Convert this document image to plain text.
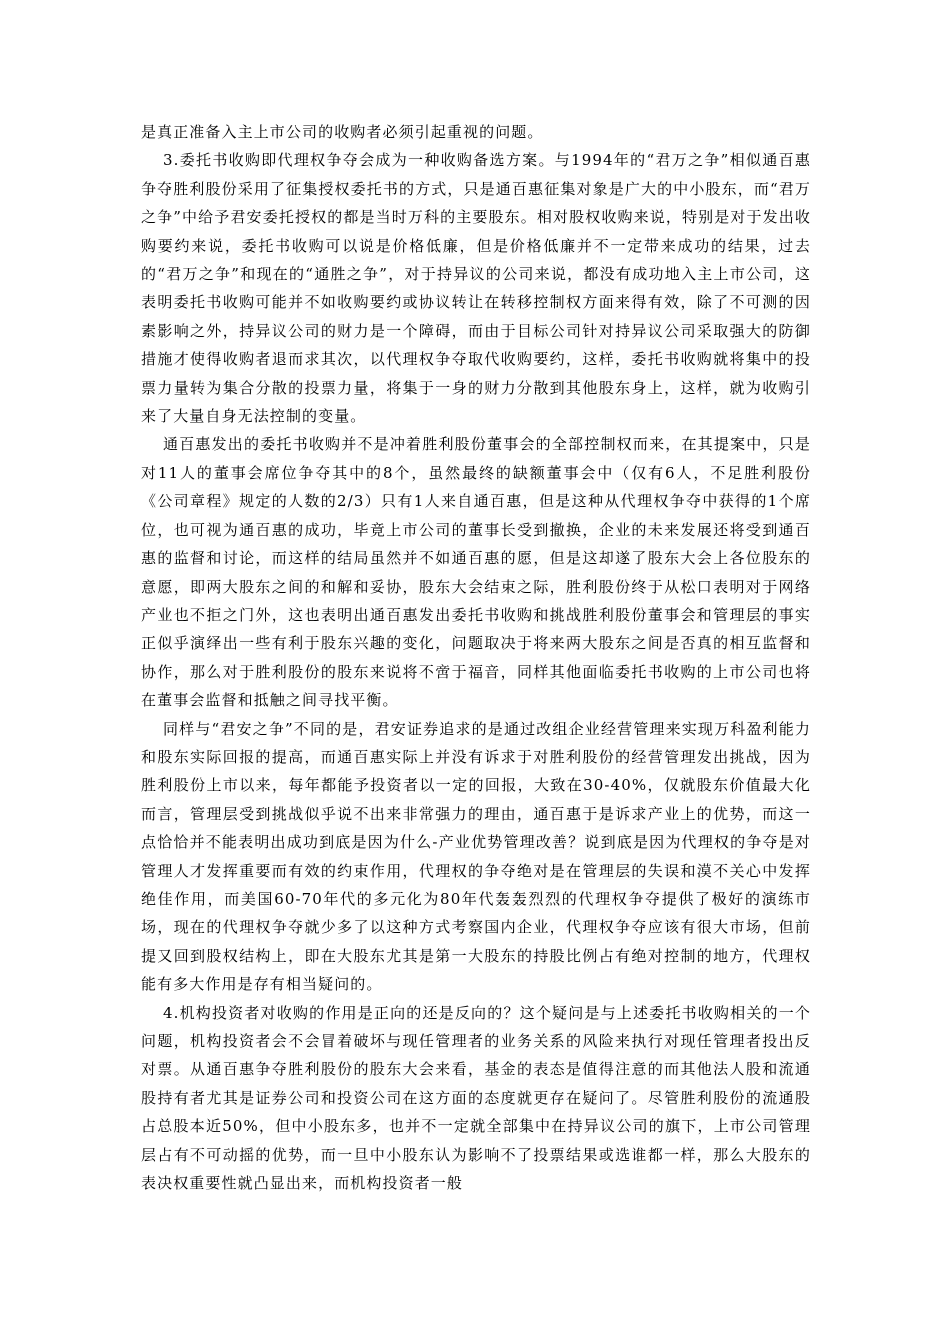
是真正准备入主上市公司的收购者必须引起重视的问题。

3.委托书收购即代理权争夺会成为一种收购备选方案。与1994年的“君万之争”相似通百惠争夺胜利股份采用了征集授权委托书的方式，只是通百惠征集对象是广大的中小股东，而“君万之争”中给予君安委托授权的都是当时万科的主要股东。相对股权收购来说，特别是对于发出收购要约来说，委托书收购可以说是价格低廉，但是价格低廉并不一定带来成功的结果，过去的“君万之争”和现在的“通胜之争”，对于持异议的公司来说，都没有成功地入主上市公司，这表明委托书收购可能并不如收购要约或协议转让在转移控制权方面来得有效，除了不可测的因素影响之外，持异议公司的财力是一个障碍，而由于目标公司针对持异议公司采取强大的防御措施才使得收购者退而求其次，以代理权争夺取代收购要约，这样，委托书收购就将集中的投票力量转为集合分散的投票力量，将集于一身的财力分散到其他股东身上，这样，就为收购引来了大量自身无法控制的变量。

通百惠发出的委托书收购并不是冲着胜利股份董事会的全部控制权而来，在其提案中，只是对11人的董事会席位争夺其中的8个，虽然最终的缺额董事会中（仅有6人，不足胜利股份《公司章程》规定的人数的2/3）只有1人来自通百惠，但是这种从代理权争夺中获得的1个席位，也可视为通百惠的成功，毕竟上市公司的董事长受到撤换，企业的未来发展还将受到通百惠的监督和讨论，而这样的结局虽然并不如通百惠的愿，但是这却遂了股东大会上各位股东的意愿，即两大股东之间的和解和妥协，股东大会结束之际，胜利股份终于从松口表明对于网络产业也不拒之门外，这也表明出通百惠发出委托书收购和挑战胜利股份董事会和管理层的事实正似乎演绎出一些有利于股东兴趣的变化，问题取决于将来两大股东之间是否真的相互监督和协作，那么对于胜利股份的股东来说将不啻于福音，同样其他面临委托书收购的上市公司也将在董事会监督和抵触之间寻找平衡。

同样与“君安之争”不同的是，君安证券追求的是通过改组企业经营管理来实现万科盈利能力和股东实际回报的提高，而通百惠实际上并没有诉求于对胜利股份的经营管理发出挑战，因为胜利股份上市以来，每年都能予投资者以一定的回报，大致在30-40%，仅就股东价值最大化而言，管理层受到挑战似乎说不出来非常强力的理由，通百惠于是诉求产业上的优势，而这一点恰恰并不能表明出成功到底是因为什么-产业优势管理改善？说到底是因为代理权的争夺是对管理人才发挥重要而有效的约束作用，代理权的争夺绝对是在管理层的失误和漠不关心中发挥绝佳作用，而美国60-70年代的多元化为80年代轰轰烈烈的代理权争夺提供了极好的演练市场，现在的代理权争夺就少多了以这种方式考察国内企业，代理权争夺应该有很大市场，但前提又回到股权结构上，即在大股东尤其是第一大股东的持股比例占有绝对控制的地方，代理权能有多大作用是存有相当疑问的。

4.机构投资者对收购的作用是正向的还是反向的？这个疑问是与上述委托书收购相关的一个问题，机构投资者会不会冒着破坏与现任管理者的业务关系的风险来执行对现任管理者投出反对票。从通百惠争夺胜利股份的股东大会来看，基金的表态是值得注意的而其他法人股和流通股持有者尤其是证券公司和投资公司在这方面的态度就更存在疑问了。尽管胜利股份的流通股占总股本近50%，但中小股东多，也并不一定就全部集中在持异议公司的旗下，上市公司管理层占有不可动摇的优势，而一旦中小股东认为影响不了投票结果或选谁都一样，那么大股东的表决权重要性就凸显出来，而机构投资者一般
